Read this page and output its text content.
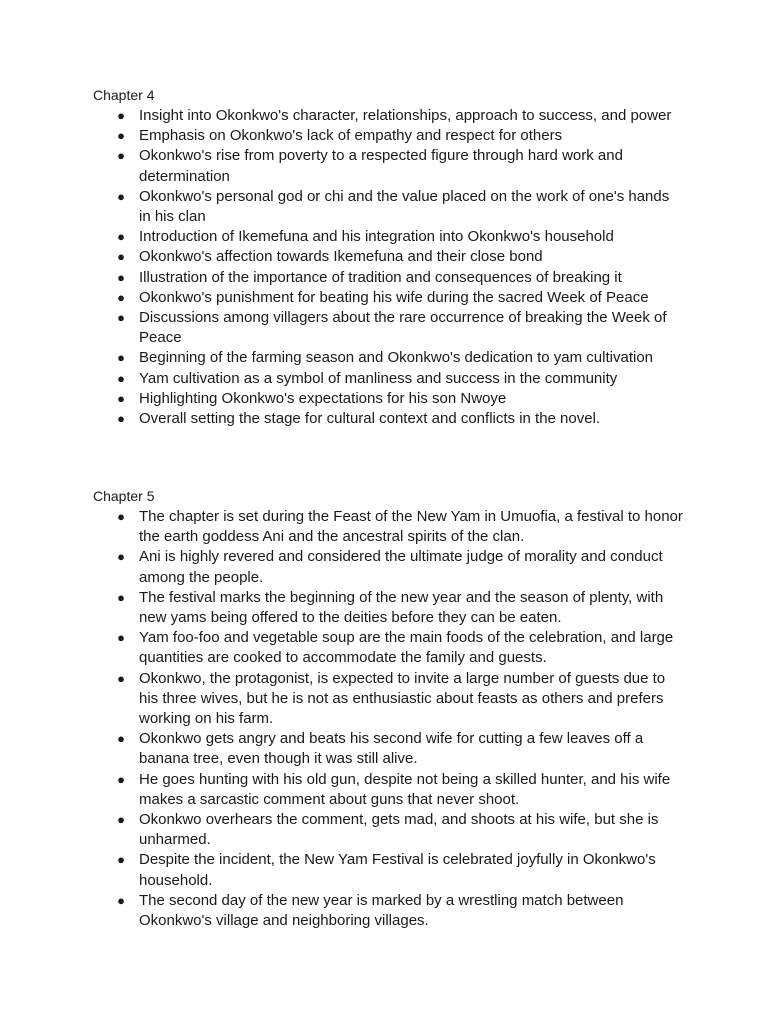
Chapter 4
● Insight into Okonkwo's character, relationships, approach to success, and power
● Emphasis on Okonkwo's lack of empathy and respect for others
● Okonkwo's rise from poverty to a respected figure through hard work and determination
● Okonkwo's personal god or chi and the value placed on the work of one's hands in his clan
● Introduction of Ikemefuna and his integration into Okonkwo's household
● Okonkwo's affection towards Ikemefuna and their close bond
● Illustration of the importance of tradition and consequences of breaking it
● Okonkwo's punishment for beating his wife during the sacred Week of Peace
● Discussions among villagers about the rare occurrence of breaking the Week of Peace
● Beginning of the farming season and Okonkwo's dedication to yam cultivation
● Yam cultivation as a symbol of manliness and success in the community
● Highlighting Okonkwo's expectations for his son Nwoye
● Overall setting the stage for cultural context and conflicts in the novel.
Chapter 5
● The chapter is set during the Feast of the New Yam in Umuofia, a festival to honor the earth goddess Ani and the ancestral spirits of the clan.
● Ani is highly revered and considered the ultimate judge of morality and conduct among the people.
● The festival marks the beginning of the new year and the season of plenty, with new yams being offered to the deities before they can be eaten.
● Yam foo-foo and vegetable soup are the main foods of the celebration, and large quantities are cooked to accommodate the family and guests.
● Okonkwo, the protagonist, is expected to invite a large number of guests due to his three wives, but he is not as enthusiastic about feasts as others and prefers working on his farm.
● Okonkwo gets angry and beats his second wife for cutting a few leaves off a banana tree, even though it was still alive.
● He goes hunting with his old gun, despite not being a skilled hunter, and his wife makes a sarcastic comment about guns that never shoot.
● Okonkwo overhears the comment, gets mad, and shoots at his wife, but she is unharmed.
● Despite the incident, the New Yam Festival is celebrated joyfully in Okonkwo's household.
● The second day of the new year is marked by a wrestling match between Okonkwo's village and neighboring villages.
